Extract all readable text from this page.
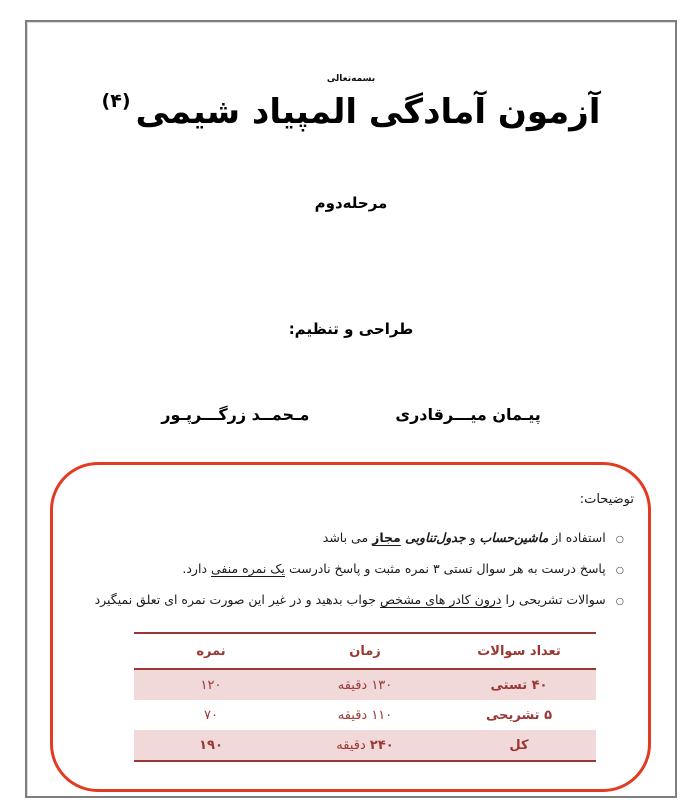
بسمه‌تعالی
آزمون آمادگی المپیاد شیمی$^{(۴)}$
مرحله‌دوم
طراحی و تنظیم:
پیـمان میـــرقادری
مـحمــد زرگـــرپـور
توضیحات:
○
استفاده از ماشین‌حساب و جدول‌تناوبی مجاز می باشد
○
پاسخ درست به هر سوال تستی ۳ نمره مثبت و پاسخ نادرست یک نمره منفی دارد.
○
سوالات تشریحی را درون کادر های مشخص جواب بدهید و در غیر این صورت نمره ای تعلق نمیگیرد
تعداد سوالات
زمان
نمره
۴۰ تستی
۱۳۰ دقیقه
۱۲۰
۵ تشریحی
۱۱۰ دقیقه
۷۰
کل
۲۴۰ دقیقه
۱۹۰
